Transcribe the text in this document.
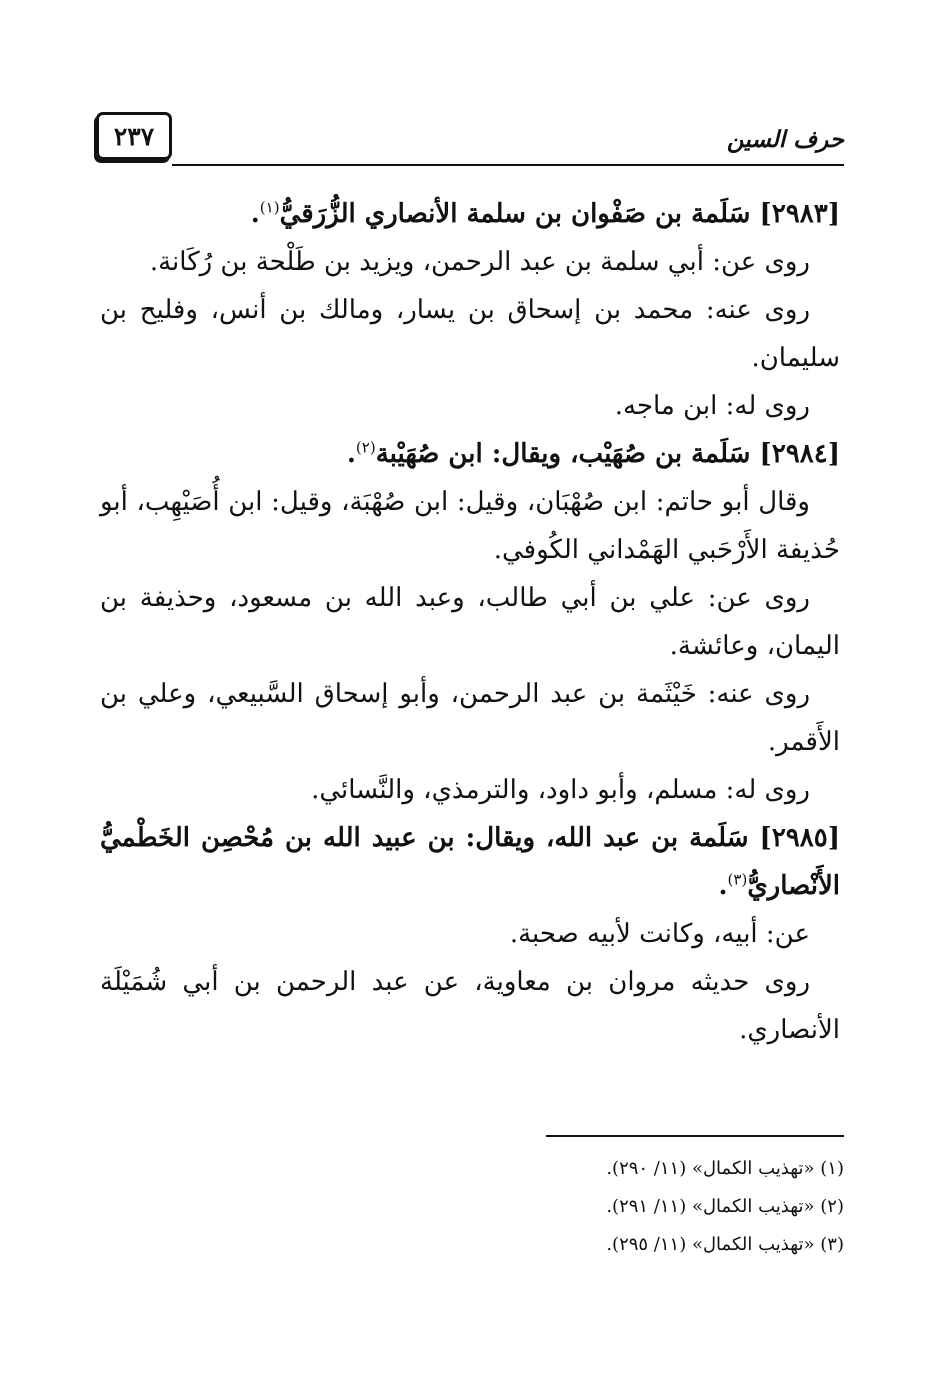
٢٣٧	حرف السين
[٢٩٨٣] سَلَمة بن صَفْوان بن سلمة الأنصاري الزُّرَقيُّ$^{(١)}$.
روى عن: أبي سلمة بن عبد الرحمن، ويزيد بن طَلْحة بن رُكَانة.
روى عنه: محمد بن إسحاق بن يسار، ومالك بن أنس، وفليح بن سليمان.
روى له: ابن ماجه.
[٢٩٨٤] سَلَمة بن صُهَيْب، ويقال: ابن صُهَيْبة$^{(٢)}$.
وقال أبو حاتم: ابن صُهْبَان، وقيل: ابن صُهْبَة، وقيل: ابن أُصَيْهِب، أبو حُذيفة الأَرْحَبي الهَمْداني الكُوفي.
روى عن: علي بن أبي طالب، وعبد الله بن مسعود، وحذيفة بن اليمان، وعائشة.
روى عنه: خَيْثَمة بن عبد الرحمن، وأبو إسحاق السَّبيعي، وعلي بن الأَقمر.
روى له: مسلم، وأبو داود، والترمذي، والنَّسائي.
[٢٩٨٥] سَلَمة بن عبد الله، ويقال: بن عبيد الله بن مُحْصِن الخَطْميُّ الأَنْصاريُّ$^{(٣)}$.
عن: أبيه، وكانت لأبيه صحبة.
روى حديثه مروان بن معاوية، عن عبد الرحمن بن أبي شُمَيْلَة الأنصاري.
(١) «تهذيب الكمال» (١١/ ٢٩٠).
(٢) «تهذيب الكمال» (١١/ ٢٩١).
(٣) «تهذيب الكمال» (١١/ ٢٩٥).
